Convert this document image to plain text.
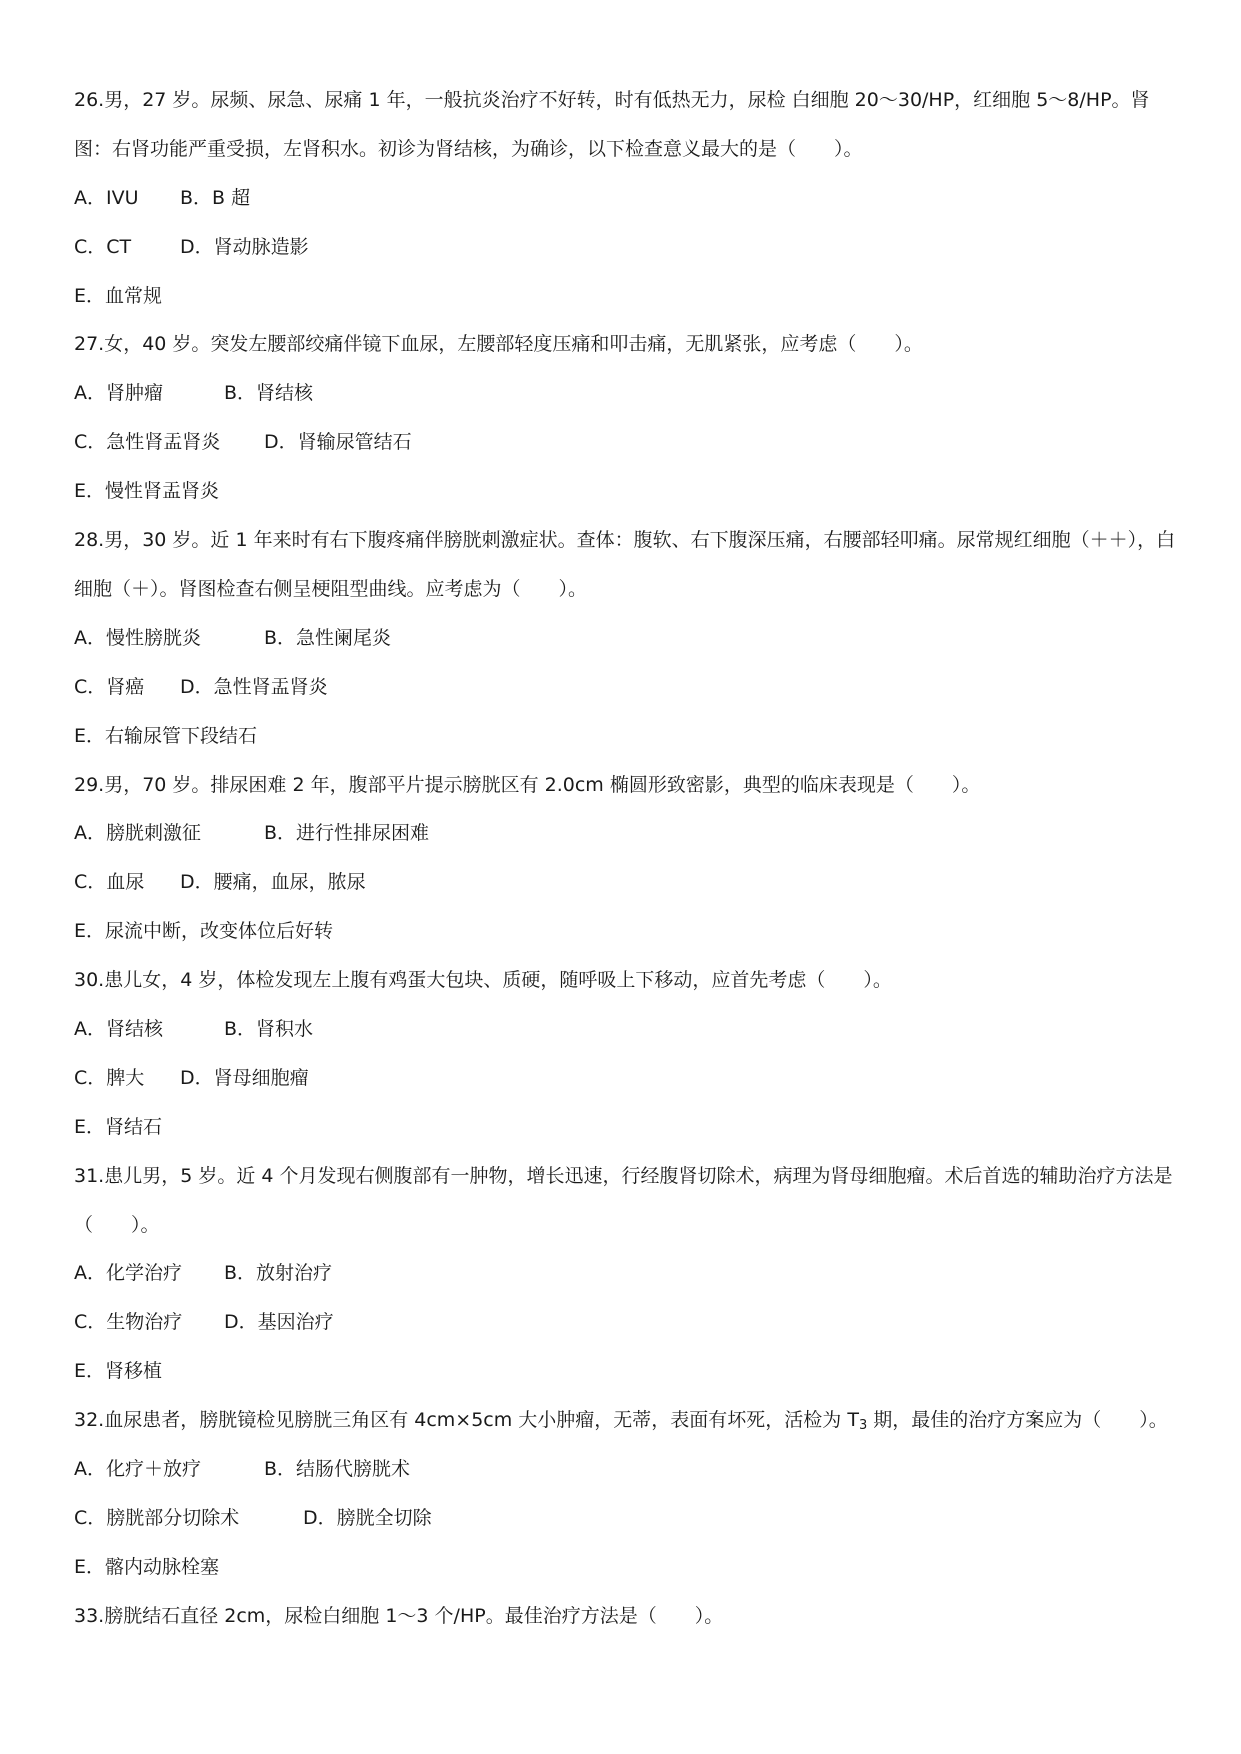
26.男，27 岁。尿频、尿急、尿痛 1 年，一般抗炎治疗不好转，时有低热无力，尿检 白细胞 20～30/HP，红细胞 5～8/HP。肾图：右肾功能严重受损，左肾积水。初诊为肾结核，为确诊，以下检查意义最大的是（　　）。
A．IVU B．B 超
C．CT	D．肾动脉造影
E．血常规
27.女，40 岁。突发左腰部绞痛伴镜下血尿，左腰部轻度压痛和叩击痛，无肌紧张，应考虑（　　）。
A．肾肿瘤	B．肾结核
C．急性肾盂肾炎 D．肾输尿管结石
E．慢性肾盂肾炎
28.男，30 岁。近 1 年来时有右下腹疼痛伴膀胱刺激症状。查体：腹软、右下腹深压痛，右腰部轻叩痛。尿常规红细胞（＋＋），白细胞（＋）。肾图检查右侧呈梗阻型曲线。应考虑为（　　）。
A．慢性膀胱炎	B．急性阑尾炎
C．肾癌 D．急性肾盂肾炎
E．右输尿管下段结石
29.男，70 岁。排尿困难 2 年，腹部平片提示膀胱区有 2.0cm 椭圆形致密影，典型的临床表现是（　　）。
A．膀胱刺激征	B．进行性排尿困难
C．血尿 D．腰痛，血尿，脓尿
E．尿流中断，改变体位后好转
30.患儿女，4 岁，体检发现左上腹有鸡蛋大包块、质硬，随呼吸上下移动，应首先考虑（　　）。
A．肾结核	B．肾积水
C．脾大 D．肾母细胞瘤
E．肾结石
31.患儿男，5 岁。近 4 个月发现右侧腹部有一肿物，增长迅速，行经腹肾切除术，病理为肾母细胞瘤。术后首选的辅助治疗方法是（　　）。
A．化学治疗 B．放射治疗
C．生物治疗 D．基因治疗
E．肾移植
32.血尿患者，膀胱镜检见膀胱三角区有 4cm×5cm 大小肿瘤，无蒂，表面有坏死，活检为 $T_3$ 期，最佳的治疗方案应为（　　）。
A．化疗＋放疗	B．结肠代膀胱术
C．膀胱部分切除术	D．膀胱全切除
E．髂内动脉栓塞
33.膀胱结石直径 2cm，尿检白细胞 1～3 个/HP。最佳治疗方法是（　　）。
